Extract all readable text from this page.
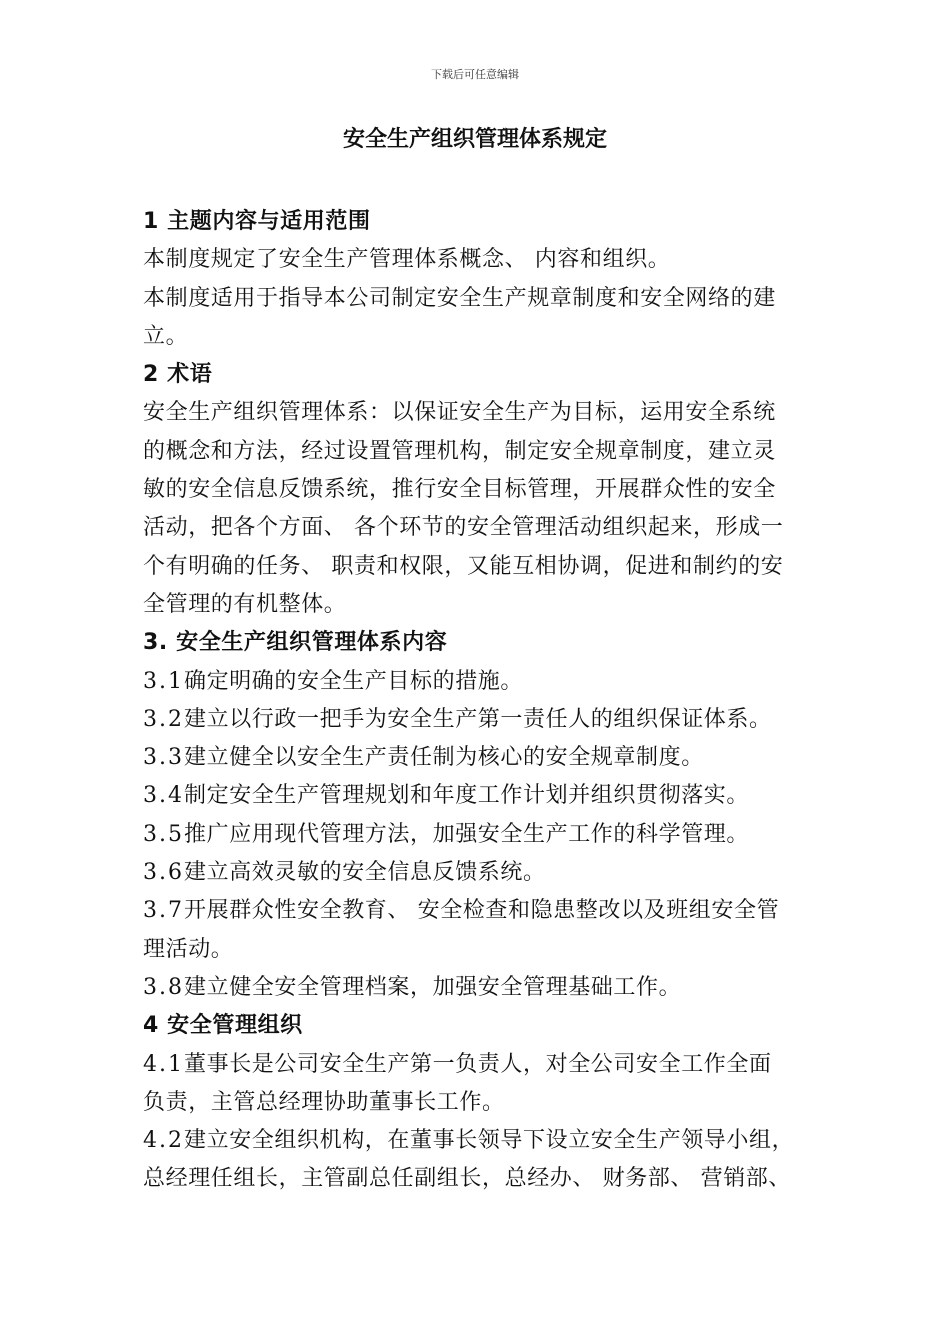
下载后可任意编辑
安全生产组织管理体系规定
1 主题内容与适用范围
本制度规定了安全生产管理体系概念、 内容和组织。
本制度适用于指导本公司制定安全生产规章制度和安全网络的建
立。
2 术语
安全生产组织管理体系：以保证安全生产为目标，运用安全系统
的概念和方法，经过设置管理机构，制定安全规章制度，建立灵
敏的安全信息反馈系统，推行安全目标管理，开展群众性的安全
活动，把各个方面、 各个环节的安全管理活动组织起来，形成一
个有明确的任务、 职责和权限，又能互相协调，促进和制约的安
全管理的有机整体。
3. 安全生产组织管理体系内容
3.1确定明确的安全生产目标的措施。
3.2建立以行政一把手为安全生产第一责任人的组织保证体系。
3.3建立健全以安全生产责任制为核心的安全规章制度。
3.4制定安全生产管理规划和年度工作计划并组织贯彻落实。
3.5推广应用现代管理方法，加强安全生产工作的科学管理。
3.6建立高效灵敏的安全信息反馈系统。
3.7开展群众性安全教育、 安全检查和隐患整改以及班组安全管
理活动。
3.8建立健全安全管理档案，加强安全管理基础工作。
4 安全管理组织
4.1董事长是公司安全生产第一负责人，对全公司安全工作全面
负责，主管总经理协助董事长工作。
4.2建立安全组织机构，在董事长领导下设立安全生产领导小组，
总经理任组长，主管副总任副组长，总经办、 财务部、 营销部、
